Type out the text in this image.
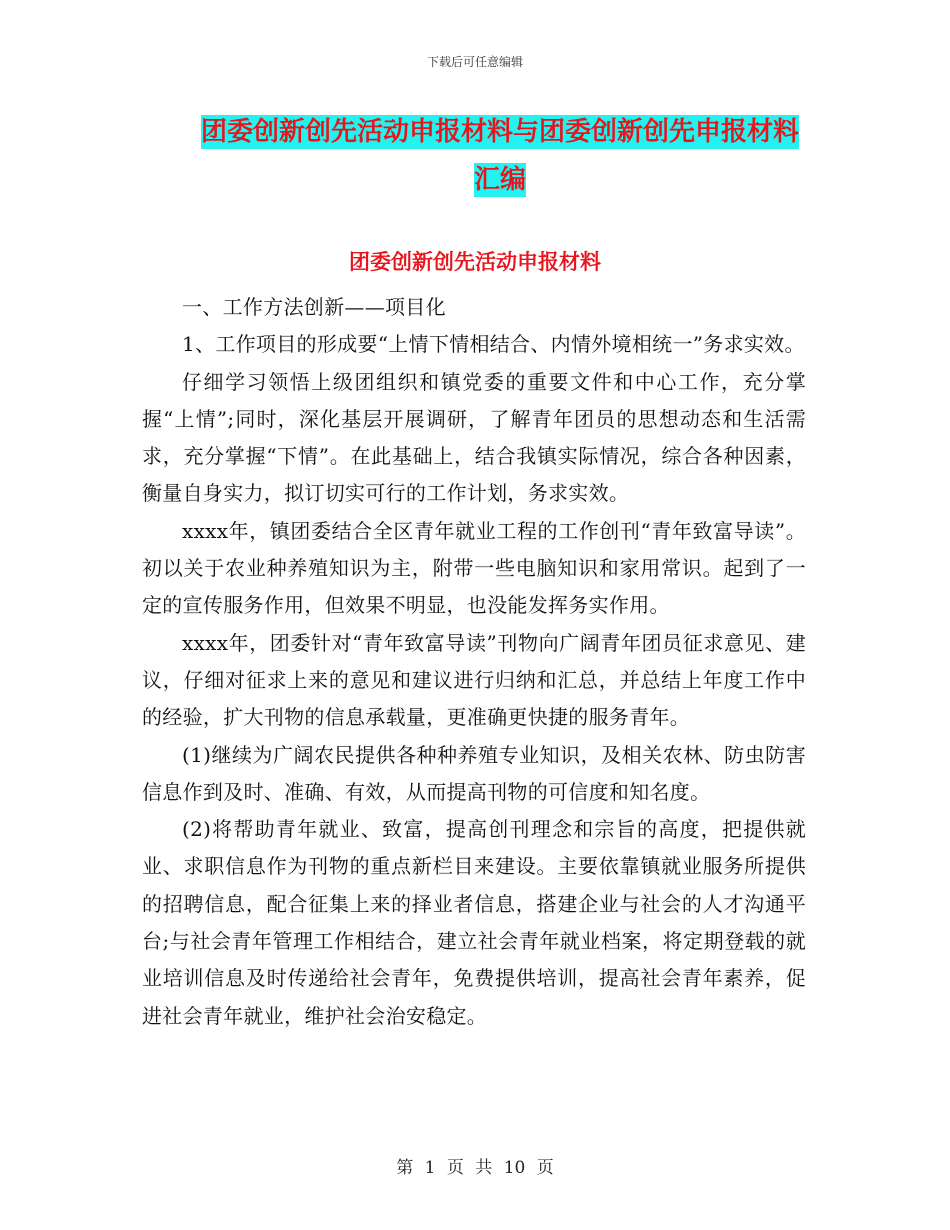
下载后可任意编辑
团委创新创先活动申报材料与团委创新创先申报材料
汇编
团委创新创先活动申报材料

一、工作方法创新——项目化

1、工作项目的形成要“上情下情相结合、内情外境相统一”务求实效。

仔细学习领悟上级团组织和镇党委的重要文件和中心工作，充分掌握“上情”;同时，深化基层开展调研，了解青年团员的思想动态和生活需求，充分掌握“下情”。在此基础上，结合我镇实际情况，综合各种因素，衡量自身实力，拟订切实可行的工作计划，务求实效。

xxxx年，镇团委结合全区青年就业工程的工作创刊“青年致富导读”。初以关于农业种养殖知识为主，附带一些电脑知识和家用常识。起到了一定的宣传服务作用，但效果不明显，也没能发挥务实作用。

xxxx年，团委针对“青年致富导读”刊物向广阔青年团员征求意见、建议，仔细对征求上来的意见和建议进行归纳和汇总，并总结上年度工作中的经验，扩大刊物的信息承载量，更准确更快捷的服务青年。

(1)继续为广阔农民提供各种种养殖专业知识，及相关农林、防虫防害信息作到及时、准确、有效，从而提高刊物的可信度和知名度。

(2)将帮助青年就业、致富，提高创刊理念和宗旨的高度，把提供就业、求职信息作为刊物的重点新栏目来建设。主要依靠镇就业服务所提供的招聘信息，配合征集上来的择业者信息，搭建企业与社会的人才沟通平台;与社会青年管理工作相结合，建立社会青年就业档案，将定期登载的就业培训信息及时传递给社会青年，免费提供培训，提高社会青年素养，促进社会青年就业，维护社会治安稳定。

第 1 页 共 10 页
